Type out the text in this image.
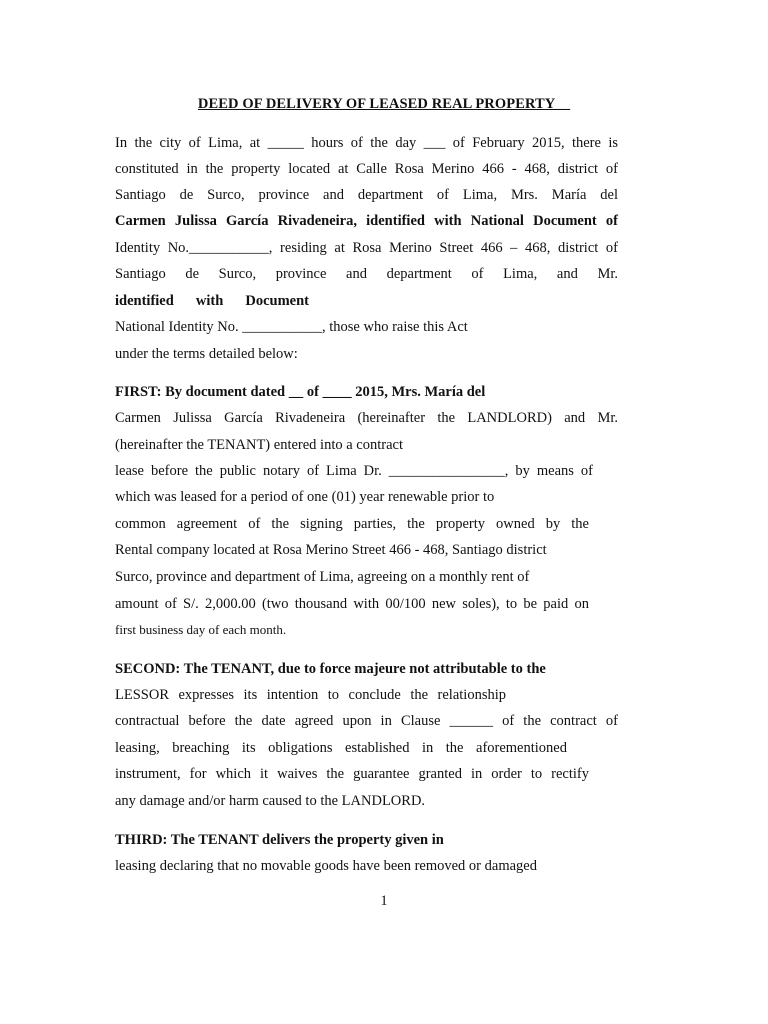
DEED OF DELIVERY OF LEASED REAL PROPERTY__
In the city of Lima, at _____ hours of the day ___ of February 2015, there is
constituted in the property located at Calle Rosa Merino 466 - 468, district of
Santiago de Surco, province and department of Lima, Mrs. María del
Carmen Julissa García Rivadeneira, identified with National Document of
Identity No.___________, residing at Rosa Merino Street 466 – 468, district of
Santiago de Surco, province and department of Lima, and Mr.
identified with Document
National Identity No. ___________, those who raise this Act
under the terms detailed below:
FIRST: By document dated __ of ____ 2015, Mrs. María del
Carmen Julissa García Rivadeneira (hereinafter the LANDLORD) and Mr.
(hereinafter the TENANT) entered into a contract
lease before the public notary of Lima Dr. ________________, by means of
which was leased for a period of one (01) year renewable prior to
common agreement of the signing parties, the property owned by the
Rental company located at Rosa Merino Street 466 - 468, Santiago district
Surco, province and department of Lima, agreeing on a monthly rent of
amount of S/. 2,000.00 (two thousand with 00/100 new soles), to be paid on
first business day of each month.
SECOND: The TENANT, due to force majeure not attributable to the
LESSOR expresses its intention to conclude the relationship
contractual before the date agreed upon in Clause ______ of the contract of
leasing, breaching its obligations established in the aforementioned
instrument, for which it waives the guarantee granted in order to rectify
any damage and/or harm caused to the LANDLORD.
THIRD: The TENANT delivers the property given in
leasing declaring that no movable goods have been removed or damaged
1
